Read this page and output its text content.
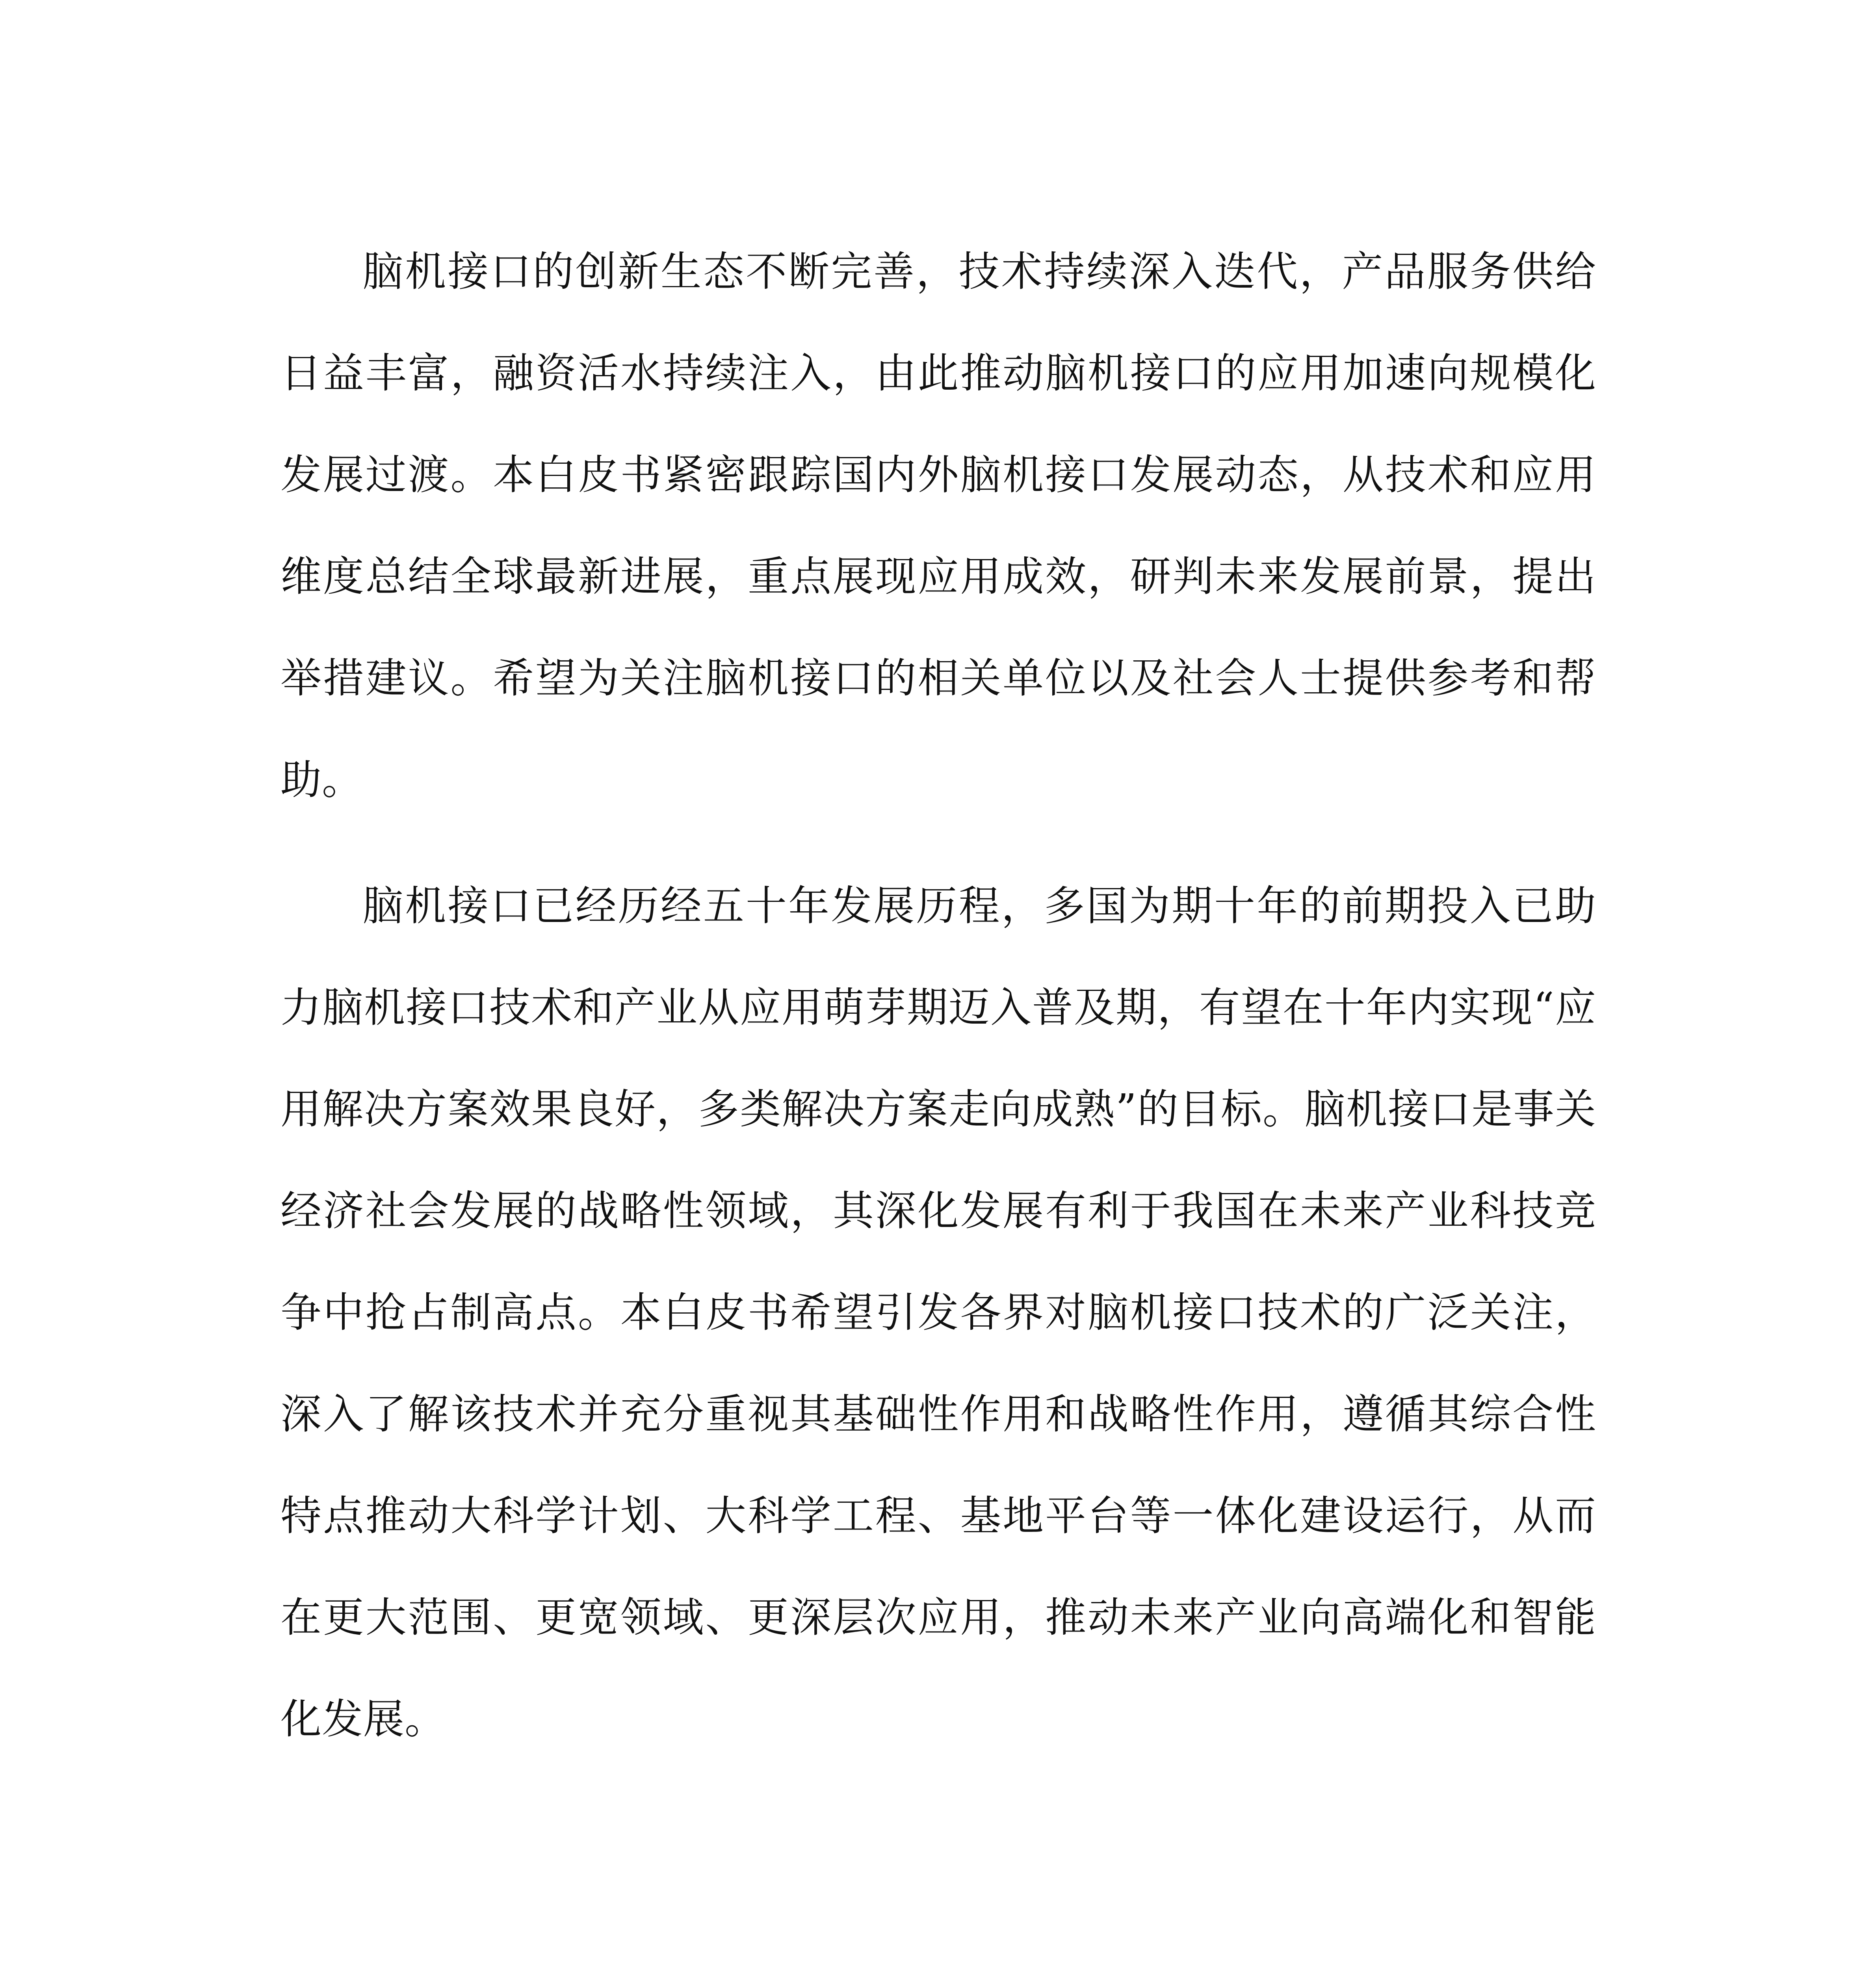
脑机接口的创新生态不断完善，技术持续深入迭代，产品服务供给日益丰富，融资活水持续注入，由此推动脑机接口的应用加速向规模化发展过渡。本白皮书紧密跟踪国内外脑机接口发展动态，从技术和应用维度总结全球最新进展，重点展现应用成效，研判未来发展前景，提出举措建议。希望为关注脑机接口的相关单位以及社会人士提供参考和帮助。

脑机接口已经历经五十年发展历程，多国为期十年的前期投入已助力脑机接口技术和产业从应用萌芽期迈入普及期，有望在十年内实现“应用解决方案效果良好，多类解决方案走向成熟”的目标。脑机接口是事关经济社会发展的战略性领域，其深化发展有利于我国在未来产业科技竞争中抢占制高点。本白皮书希望引发各界对脑机接口技术的广泛关注，深入了解该技术并充分重视其基础性作用和战略性作用，遵循其综合性特点推动大科学计划、大科学工程、基地平台等一体化建设运行，从而在更大范围、更宽领域、更深层次应用，推动未来产业向高端化和智能化发展。
